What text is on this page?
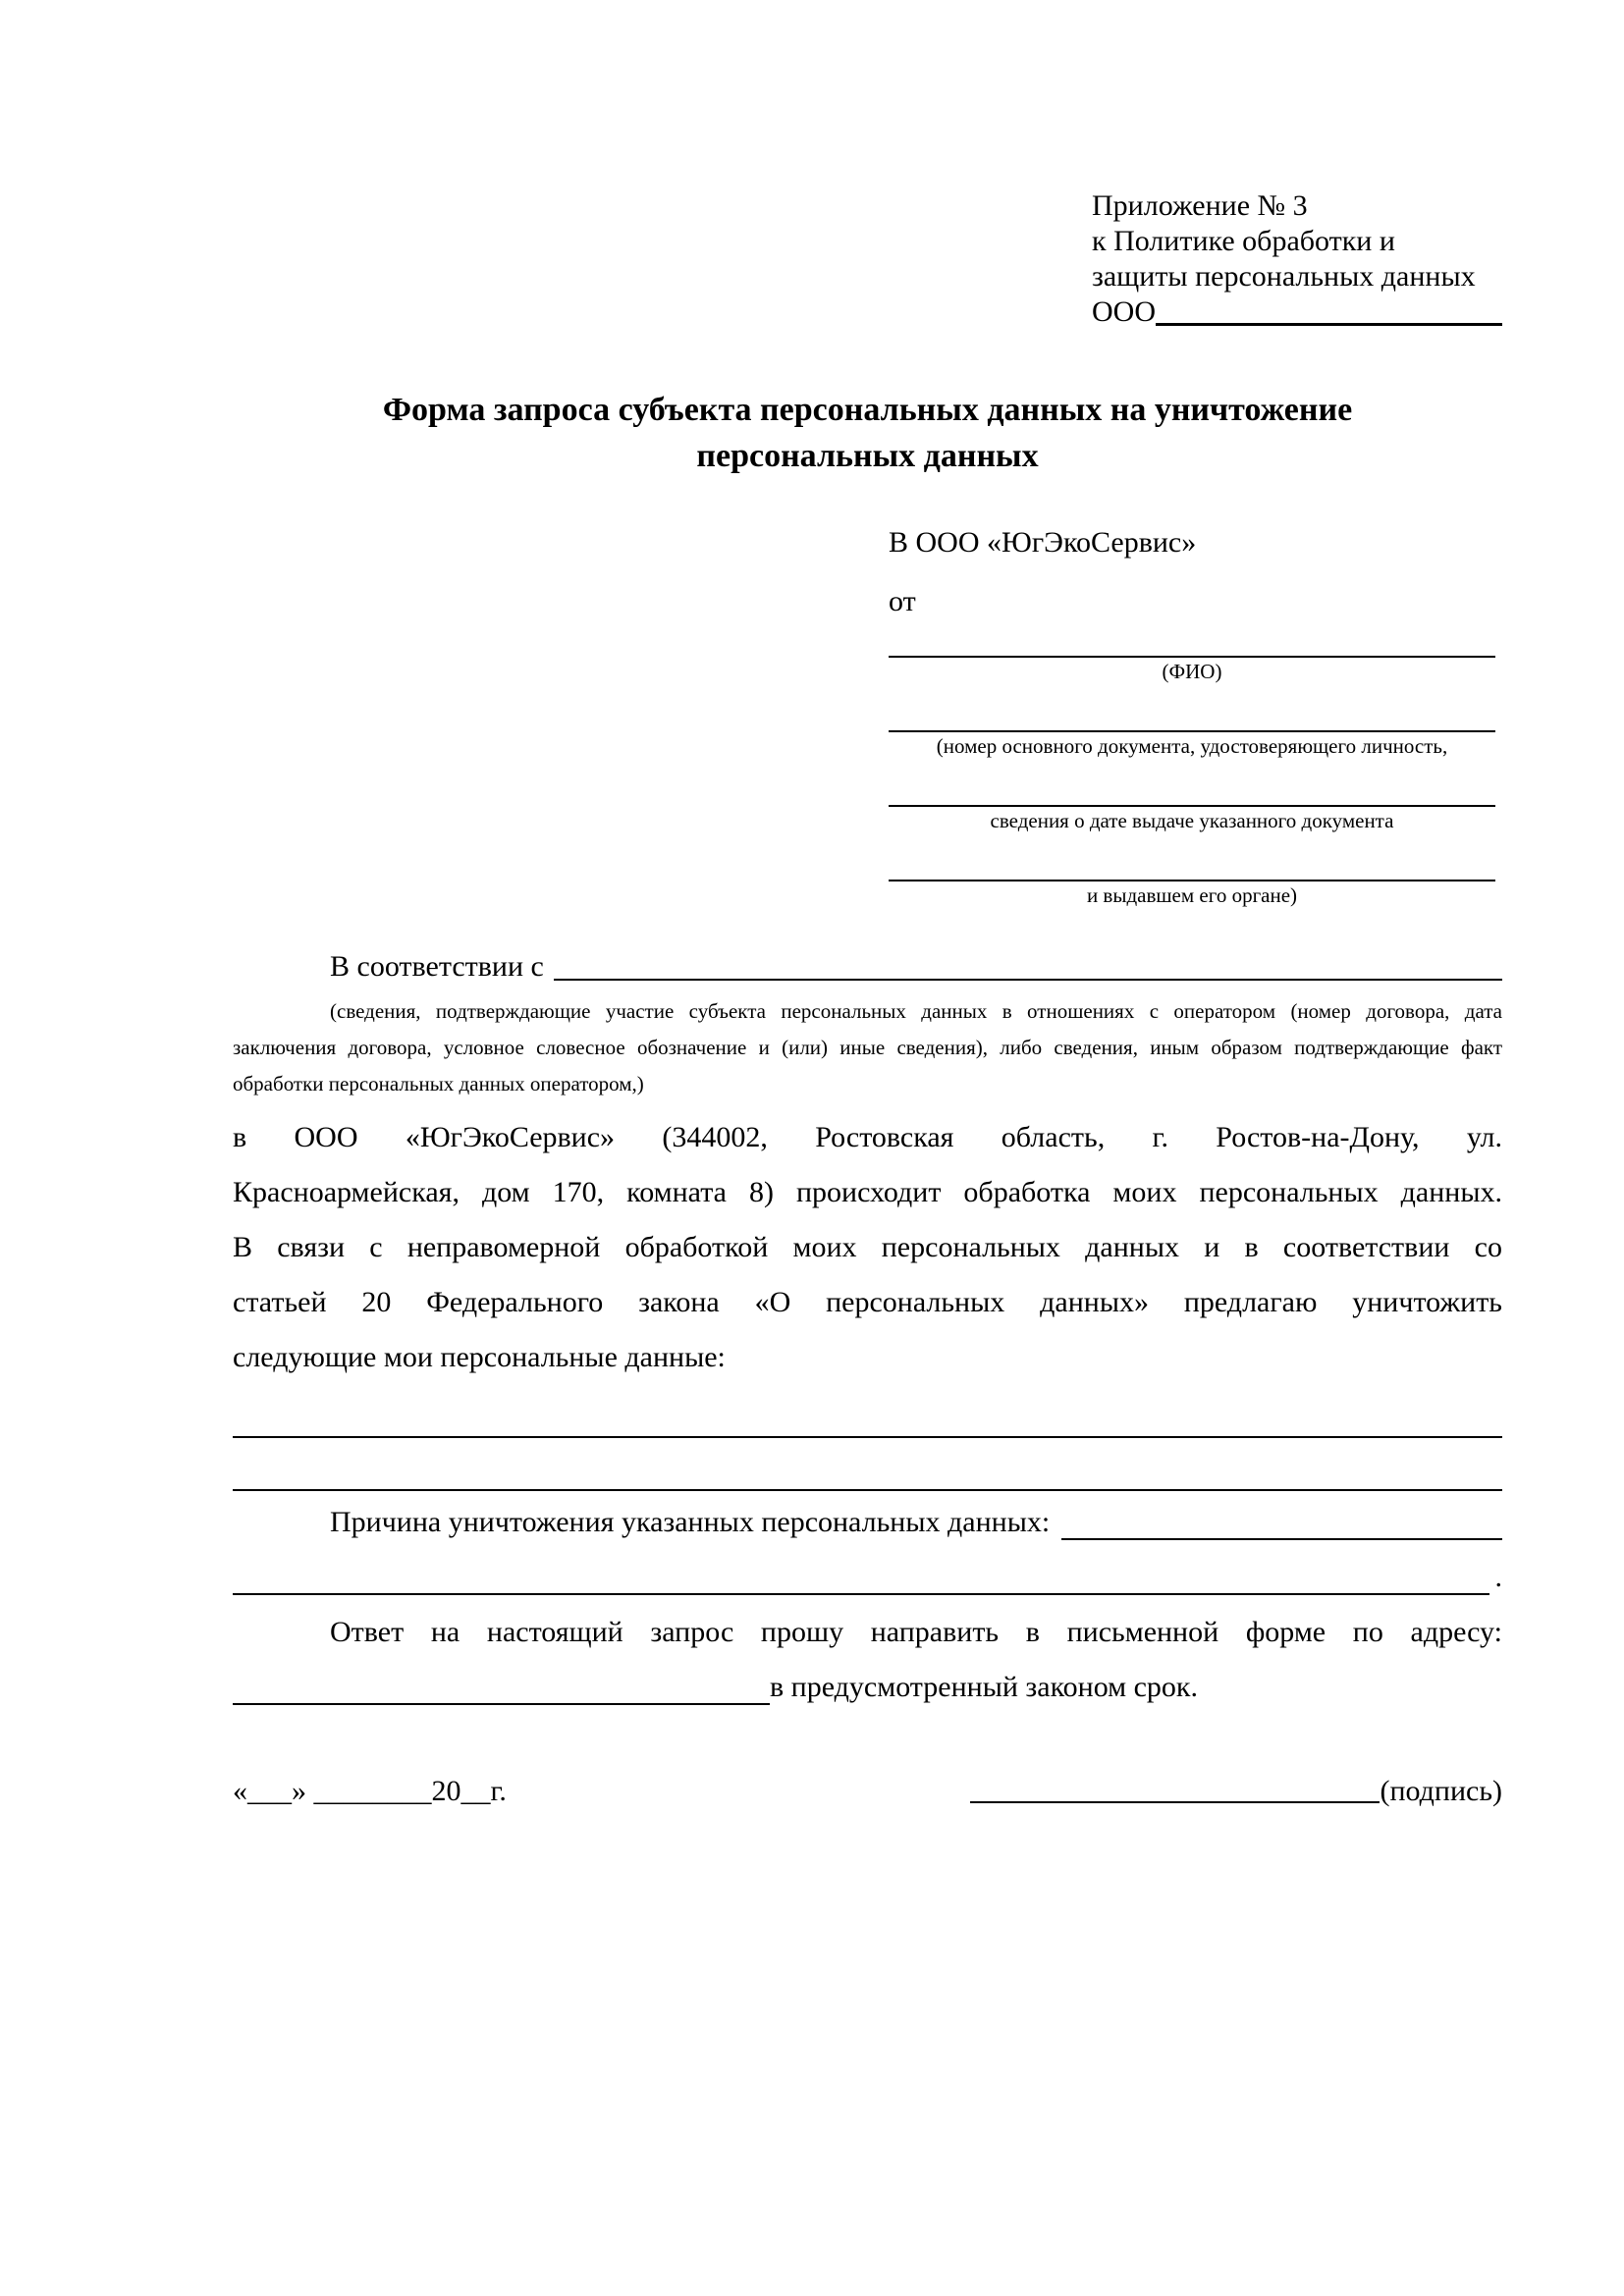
Приложение № 3
к Политике обработки и
защиты персональных данных
ООО
Форма запроса субъекта персональных данных на уничтожение
персональных данных
В ООО «ЮгЭкоСервис»
от
(ФИО)
(номер основного документа, удостоверяющего личность,
сведения о дате выдаче указанного документа
и выдавшем его органе)
В соответствии с
(сведения, подтверждающие участие субъекта персональных данных в отношениях с оператором (номер договора, дата
заключения договора, условное словесное обозначение и (или) иные сведения), либо сведения, иным образом подтверждающие факт
обработки персональных данных оператором,)
в ООО «ЮгЭкоСервис» (344002, Ростовская область, г. Ростов-на-Дону, ул.
Красноармейская, дом 170, комната 8) происходит обработка моих персональных данных.
В связи с неправомерной обработкой моих персональных данных и в соответствии со
статьей 20 Федерального закона «О персональных данных» предлагаю уничтожить
следующие мои персональные данные:
Причина уничтожения указанных персональных данных:
.
Ответ на настоящий запрос прошу направить в письменной форме по адресу:
в предусмотренный законом срок.
«___» ________20__г.	(подпись)
